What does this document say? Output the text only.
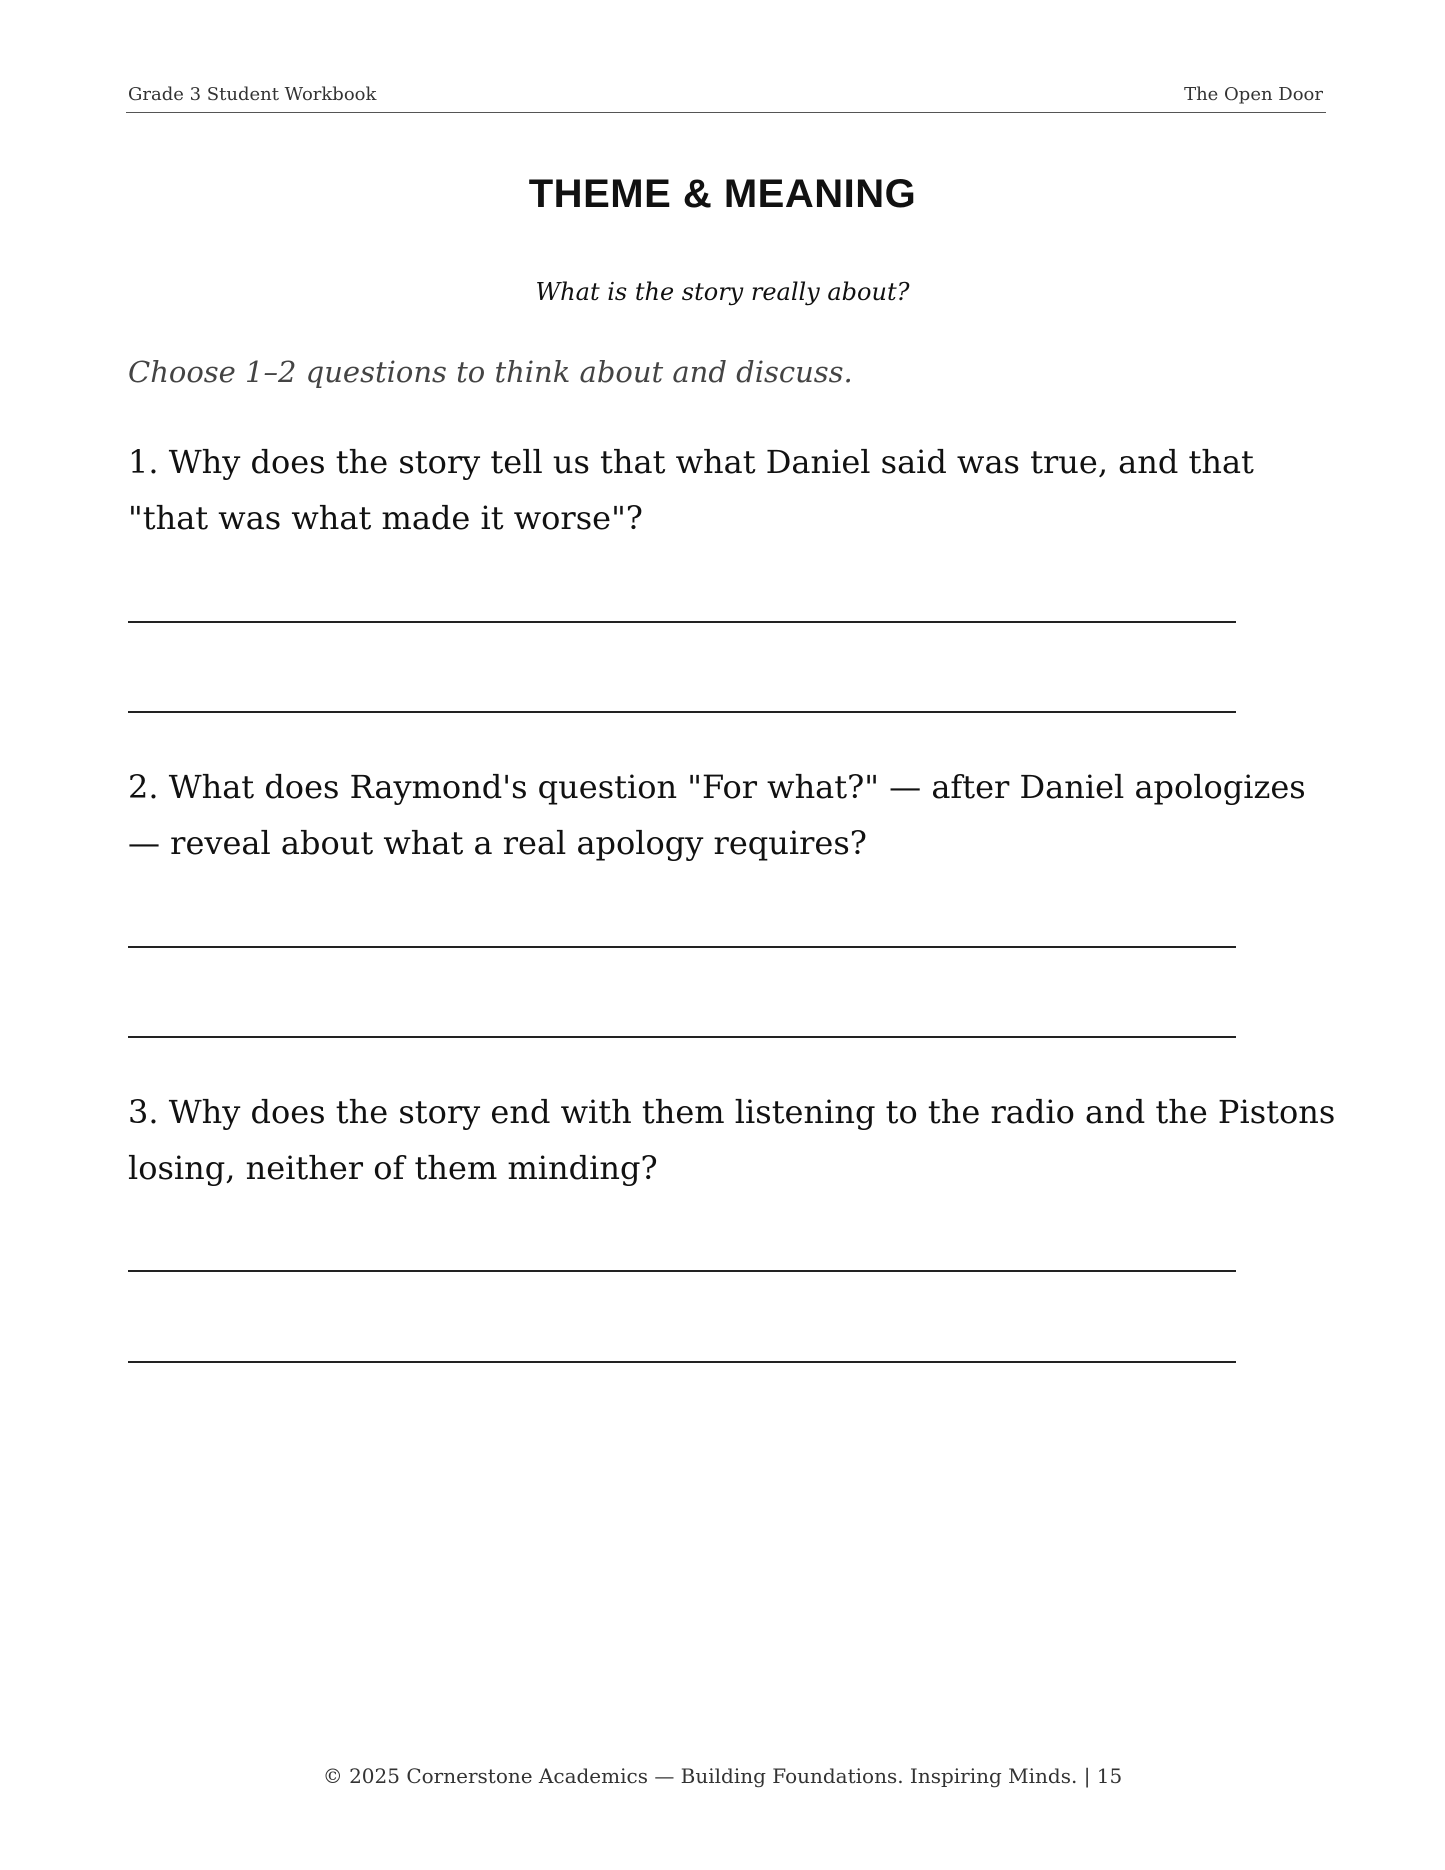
Grade 3 Student Workbook	The Open Door
THEME & MEANING
What is the story really about?
Choose 1–2 questions to think about and discuss.
1. Why does the story tell us that what Daniel said was true, and that "that was what made it worse"?
2. What does Raymond's question "For what?" — after Daniel apologizes — reveal about what a real apology requires?
3. Why does the story end with them listening to the radio and the Pistons losing, neither of them minding?
© 2025 Cornerstone Academics — Building Foundations. Inspiring Minds. | 15
